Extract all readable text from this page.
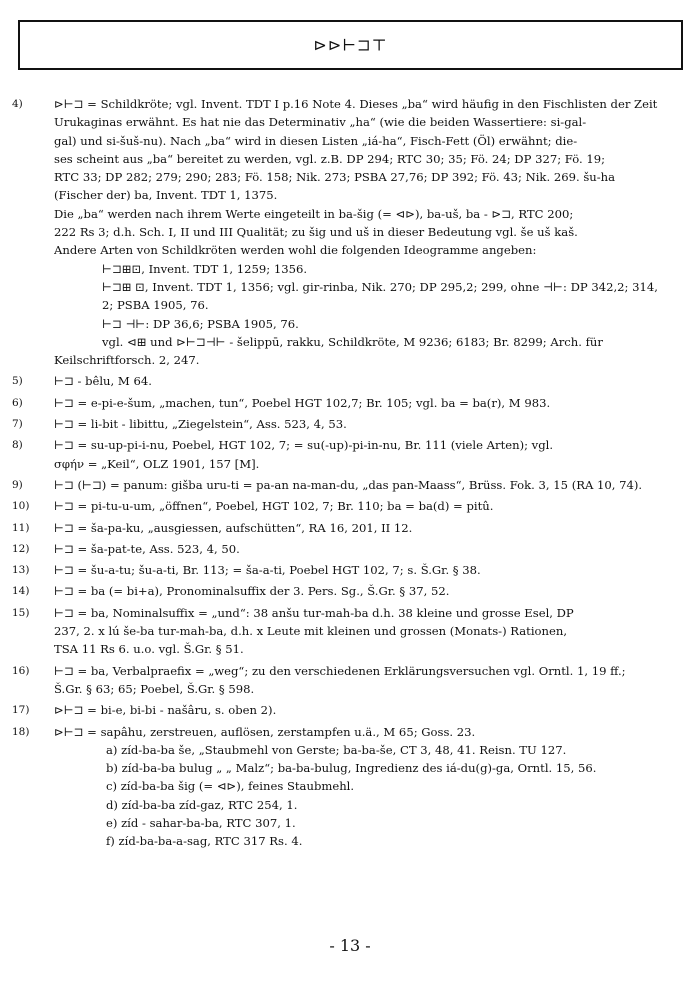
⊳⊳⊢⊐⊤
4)	⊳⊢⊐ = Schildkröte; vgl. Invent. TDT I p.16 Note 4. Dieses „ba“ wird häufig in den Fischlisten der Zeit
Urukaginas erwähnt. Es hat nie das Determinativ „ha“ (wie die beiden Wassertiere: si-gal-
gal) und si-šuš-nu). Nach „ba“ wird in diesen Listen „iá-ha“, Fisch-Fett (Öl) erwähnt; die-
ses scheint aus „ba“ bereitet zu werden, vgl. z.B. DP 294; RTC 30; 35; Fö. 24; DP 327; Fö. 19;
RTC 33; DP 282; 279; 290; 283; Fö. 158; Nik. 273; PSBA 27,76; DP 392; Fö. 43; Nik. 269. šu-ha
(Fischer der) ba, Invent. TDT 1, 1375.
Die „ba“ werden nach ihrem Werte eingeteilt in ba-šig (= ⊲⊳), ba-uš, ba - ⊳⊐, RTC 200;
222 Rs 3; d.h. Sch. I, II und III Qualität; zu šig und uš in dieser Bedeutung vgl. še uš kaš.
Andere Arten von Schildkröten werden wohl die folgenden Ideogramme angeben:
⊢⊐⊞⊡, Invent. TDT 1, 1259; 1356.
⊢⊐⊞ ⊡, Invent. TDT 1, 1356; vgl. gir-rinba, Nik. 270; DP 295,2; 299, ohne ⊣⊢: DP 342,2; 314,
2; PSBA 1905, 76.
⊢⊐ ⊣⊢: DP 36,6; PSBA 1905, 76.
vgl. ⊲⊞ und ⊳⊢⊐⊣⊢ - šelippū, rakku, Schildkröte, M 9236; 6183; Br. 8299; Arch. für
Keilschriftforsch. 2, 247.
5)	⊢⊐ - bêlu, M 64.
6)	⊢⊐ = e-pi-e-šum, „machen, tun“, Poebel HGT 102,7; Br. 105; vgl. ba = ba(r), M 983.
7)	⊢⊐ = li-bit - libittu, „Ziegelstein“, Ass. 523, 4, 53.
8)	⊢⊐ = su-up-pi-i-nu, Poebel, HGT 102, 7; = su(-up)-pi-in-nu, Br. 111 (viele Arten); vgl.
σφήν = „Keil“, OLZ 1901, 157 [M].
9)	⊢⊐ (⊢⊐) = panum: gišba uru-ti = pa-an na-man-du, „das pan-Maass“, Brüss. Fok. 3, 15 (RA 10, 74).
10)	⊢⊐ = pi-tu-u-um, „öffnen“, Poebel, HGT 102, 7; Br. 110; ba = ba(d) = pitû.
11)	⊢⊐ = ša-pa-ku, „ausgiessen, aufschütten“, RA 16, 201, II 12.
12)	⊢⊐ = ša-pat-te, Ass. 523, 4, 50.
13)	⊢⊐ = šu-a-tu; šu-a-ti, Br. 113; = ša-a-ti, Poebel HGT 102, 7; s. Š.Gr. § 38.
14)	⊢⊐ = ba (= bi+a), Pronominalsuffix der 3. Pers. Sg., Š.Gr. § 37, 52.
15)	⊢⊐ = ba, Nominalsuffix = „und“: 38 anšu tur-mah-ba d.h. 38 kleine und grosse Esel, DP
237, 2. x lú še-ba tur-mah-ba, d.h. x Leute mit kleinen und grossen (Monats-) Rationen,
TSA 11 Rs 6. u.o. vgl. Š.Gr. § 51.
16)	⊢⊐ = ba, Verbalpraefix = „weg“; zu den verschiedenen Erklärungsversuchen vgl. Orntl. 1, 19 ff.;
Š.Gr. § 63; 65; Poebel, Š.Gr. § 598.
17)	⊳⊢⊐ = bi-e, bi-bi - našâru, s. oben 2).
18)	⊳⊢⊐ = sapâhu, zerstreuen, auflösen, zerstampfen u.ä., M 65; Goss. 23.
a) zíd-ba-ba še, „Staubmehl von Gerste; ba-ba-še, CT 3, 48, 41. Reisn. TU 127.
b) zíd-ba-ba bulug „ „ Malz“; ba-ba-bulug, Ingredienz des iá-du(g)-ga, Orntl. 15, 56.
c) zíd-ba-ba šig (= ⊲⊳), feines Staubmehl.
d) zíd-ba-ba zíd-gaz, RTC 254, 1.
e) zíd - sahar-ba-ba, RTC 307, 1.
f) zíd-ba-ba-a-sag, RTC 317 Rs. 4.
- 13 -
